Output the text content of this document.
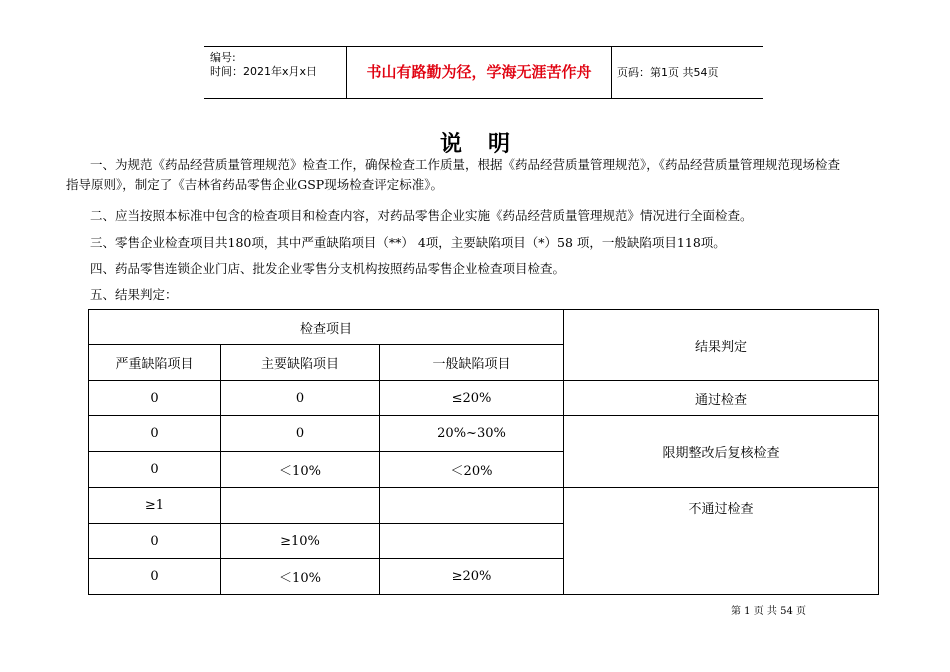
编号:
时间：2021年x月x日	书山有路勤为径，学海无涯苦作舟	页码：第1页 共54页
说明
一、为规范《药品经营质量管理规范》检查工作，确保检查工作质量，根据《药品经营质量管理规范》，《药品经营质量管理规范现场检查指导原则》，制定了《吉林省药品零售企业GSP现场检查评定标准》。
二、应当按照本标准中包含的检查项目和检查内容，对药品零售企业实施《药品经营质量管理规范》情况进行全面检查。
三、零售企业检查项目共180项，其中严重缺陷项目（**） 4项，主要缺陷项目（*）58 项，一般缺陷项目118项。
四、药品零售连锁企业门店、批发企业零售分支机构按照药品零售企业检查项目检查。
五、结果判定：
检查项目			结果判定
严重缺陷项目	主要缺陷项目	一般缺陷项目	
0	0	≤20%	通过检查
0	0	20%~30%	限期整改后复核检查
0	＜10%	＜20%	
≥1			不通过检查
0	≥10%		
0	＜10%	≥20%	
第 1 页 共 54 页
